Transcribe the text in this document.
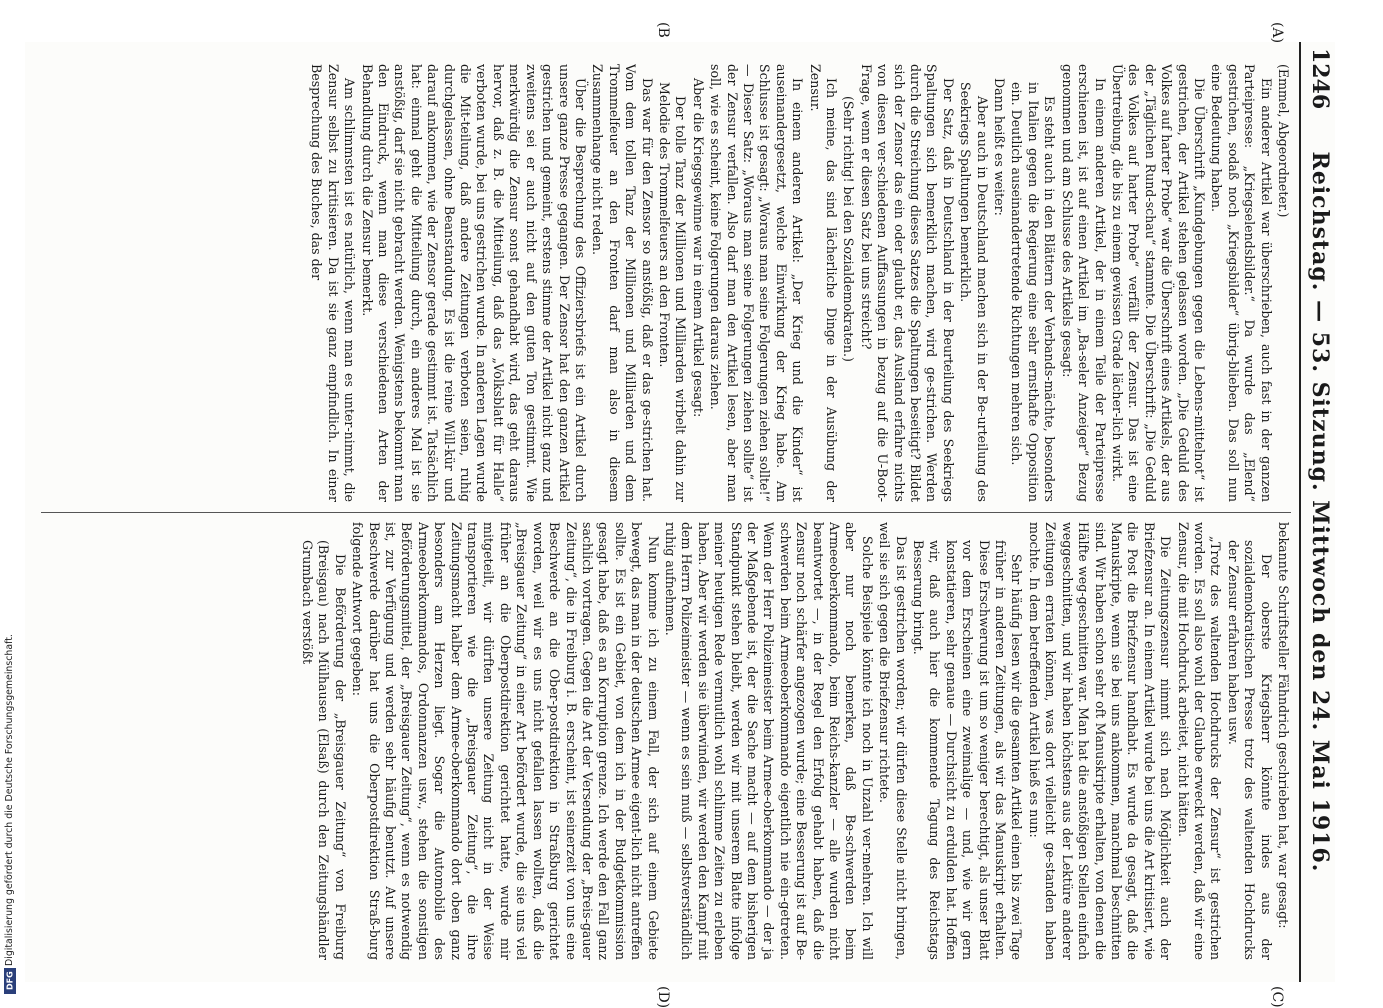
1246
Reichstag. — 53. Sitzung. Mittwoch den 24. Mai 1916.
(A)
(B
(C)
(D)

(Emmel, Abgeordneter.)

Ein anderer Artikel war überschrieben, auch fast in der ganzen Parteipresse: „Kriegselendsbilder.“ Da wurde das „Elend“ gestrichen, sodaß noch „Kriegsbilder“ übrig-blieben. Das soll nun eine Bedeutung haben.

Die Überschrift „Kundgebungen gegen die Lebens-mittelnot“ ist gestrichen, der Artikel stehen gelassen worden. „Die Geduld des Volkes auf harter Probe“ war die Überschrift eines Artikels, der aus der „Täglichen Rund-schau“ stammte. Die Überschrift: „Die Geduld des Volkes auf harter Probe“ verfällt der Zensur. Das ist eine Übertreibung, die bis zu einem gewissen Grade lächer-lich wirkt.

In einem anderen Artikel, der in einem Teile der Parteipresse erschienen ist, ist auf einen Artikel im „Ba-seler Anzeiger“ Bezug genommen und am Schlusse des Artikels gesagt:

Es steht auch in den Blättern der Verbands-mächte, besonders in Italien gegen die Regierung eine sehr ernsthafte Opposition ein. Deutlich auseinandertretende Richtungen mehren sich.

Dann heißt es weiter:

Aber auch in Deutschland machen sich in der Be-urteilung des Seekriegs Spaltungen bemerklich.

Der Satz, daß in Deutschland in der Beurteilung des Seekriegs Spaltungen sich bemerklich machen, wird ge-strichen. Werden durch die Streichung dieses Satzes die Spaltungen beseitigt? Bildet sich der Zensor das ein oder glaubt er, das Ausland erfahre nichts von diesen ver-schiedenen Auffassungen in bezug auf die U-Boot-Frage, wenn er diesen Satz bei uns streicht?

(Sehr richtig! bei den Sozialdemokraten.)

Ich meine, das sind lächerliche Dinge in der Ausübung der Zensur.

In einem anderen Artikel: „Der Krieg und die Kinder“ ist auseinandergesetzt, welche Einwirkung der Krieg habe. Am Schlusse ist gesagt: „Woraus man seine Folgerungen ziehen sollte!“ — Dieser Satz: „Woraus man seine Folgerungen ziehen sollte“ ist der Zensur verfallen. Also darf man den Artikel lesen, aber man soll, wie es scheint, keine Folgerungen daraus ziehen.

Aber die Kriegsgewinne war in einem Artikel gesagt:

Der tolle Tanz der Millionen und Milliarden wirbelt dahin zur Melodie des Trommelfeuers an den Fronten.

Das war für den Zensor so anstößig, daß er das ge-strichen hat. Vom dem tollen Tanz der Millionen und Milliarden und dem Trommelfeuer an den Fronten darf man also in diesem Zusammenhange nicht reden.

Über die Besprechung des Offiziersbriefs ist ein Artikel durch unsere ganze Presse gegangen. Der Zensor hat den ganzen Artikel gestrichen und gemeint, erstens stimme der Artikel nicht ganz und zweitens sei er auch nicht auf den guten Ton gestimmt. Wie merkwürdig die Zensur sonst gehandhabt wird, das geht daraus hervor, daß z. B. die Mitteilung, daß das „Volksblatt für Halle“ verboten wurde, bei uns gestrichen wurde. In anderen Lagen wurde die Mit-teilung, daß andere Zeitungen verboten seien, ruhig durchgelassen, ohne Beanstandung. Es ist die reine Will-kür und darauf ankommen, wie der Zensor gerade gestimmt ist. Tatsächlich hat: einmal geht die Mitteilung durch, ein anderes Mal ist sie anstößig, darf sie nicht gebracht werden. Wenigstens bekommt man den Eindruck, wenn man diese verschiedenen Arten der Behandlung durch die Zensur bemerkt.

Am schlimmsten ist es natürlich, wenn man es unter-nimmt, die Zensur selbst zu kritisieren. Da ist sie ganz empfindlich. In einer Besprechung des Buches, das der

bekannte Schriftsteller Fähndrich geschrieben hat, war gesagt:

Der oberste Kriegsherr könnte indes aus der sozialdemokratischen Presse trotz des waltenden Hochdrucks der Zensur erfahren haben usw.

„Trotz des waltenden Hochdrucks der Zensur“ ist gestrichen worden. Es soll also wohl der Glaube erweckt werden, daß wir eine Zensur, die mit Hochdruck arbeitet, nicht hätten.

Die Zeitungszensur nimmt sich nach Möglichkeit auch der Briefzensur an. In einem Artikel wurde bei uns die Art kritisiert, wie die Post die Briefzensur handhabt. Es wurde da gesagt, daß die Manuskripte, wenn sie bei uns ankommen, manchmal beschnitten sind. Wir haben schon sehr oft Manuskripte erhalten, von denen die Hälfte weg-geschnitten war. Man hat die anstößigen Stellen einfach weggeschnitten, und wir haben höchstens aus der Lektüre anderer Zeitungen erraten können, was dort vielleicht ge-standen haben mochte. In dem betreffenden Artikel hieß es nun:

Sehr häufig lesen wir die gesamten Artikel einen bis zwei Tage früher in anderen Zeitungen, als wir das Manuskript erhalten. Diese Erschwerung ist um so weniger berechtigt, als unser Blatt vor dem Erscheinen eine zweimalige — und, wie wir gern konstatieren, sehr genaue — Durchsicht zu erdulden hat. Hoffen wir, daß auch hier die kommende Tagung des Reichstags Besserung bringt.

Das ist gestrichen worden; wir dürfen diese Stelle nicht bringen, weil sie sich gegen die Briefzensur richtete.

Solche Beispiele könnte ich noch in Unzahl ver-mehren. Ich will aber nur noch bemerken, daß Be-schwerden beim Armeeoberkommando, beim Reichs-kanzler — alle wurden nicht beantwortet —, in der Regel den Erfolg gehabt haben, daß die Zensur noch schärfer angezogen wurde; eine Besserung ist auf Be-schwerden beim Armeeoberkommando eigentlich nie ein-getreten. Wenn der Herr Polizeimeister beim Armee-oberkommando — der ja der Maßgebende ist, der die Sache macht — auf dem bisherigen Standpunkt stehen bleibt, werden wir mit unserem Blatte infolge meiner heutigen Rede vermutlich wohl schlimme Zeiten zu erleben haben. Aber wir werden sie überwinden, wir werden den Kampf mit dem Herrn Polizeimeister — wenn es sein muß — selbstverständlich ruhig aufnehmen.

Nun komme ich zu einem Fall, der sich auf einem Gebiete bewegt, das man in der deutschen Armee eigent-lich nicht antreffen sollte. Es ist ein Gebiet, von dem ich in der Budgetkommission gesagt habe, daß es an Korruption grenze. Ich werde den Fall ganz sachlich vortragen. Gegen die Art der Versendung der „Breis-gauer Zeitung“, die in Freiburg i. B. erscheint, ist seinerzeit von uns eine Beschwerde an die Ober-postdirektion in Straßburg gerichtet worden, weil wir es uns nicht gefallen lassen wollten, daß die „Breisgauer Zeitung“ in einer Art befördert wurde, die sie uns viel früher an die Oberpostdirektion gerichtet hatte, wurde mir mitgeteilt, wir dürften unsere Zeitung nicht in der Weise transportieren wie die „Breisgauer Zeitung“, die ihre Zeitungsmacht halber dem Armee-oberkommando dort oben ganz besonders am Herzen liegt. Sogar die Automobile des Armeeoberkommandos, Ordonnanzen usw., stehen die sonstigen Beförderungsmittel, der „Breisgauer Zeitung“, wenn es notwendig ist, zur Verfügung und werden sehr häufig benutzt. Auf unsere Beschwerde darüber hat uns die Oberpostdirektion Straß-burg folgende Antwort gegeben:

Die Beförderung der „Breisgauer Zeitung“ von Freiburg (Breisgau) nach Mülhausen (Elsaß) durch den Zeitungshändler Grumbach verstößt

Digitalisierung gefördert durch die Deutsche Forschungsgemeinschaft.
DFG
